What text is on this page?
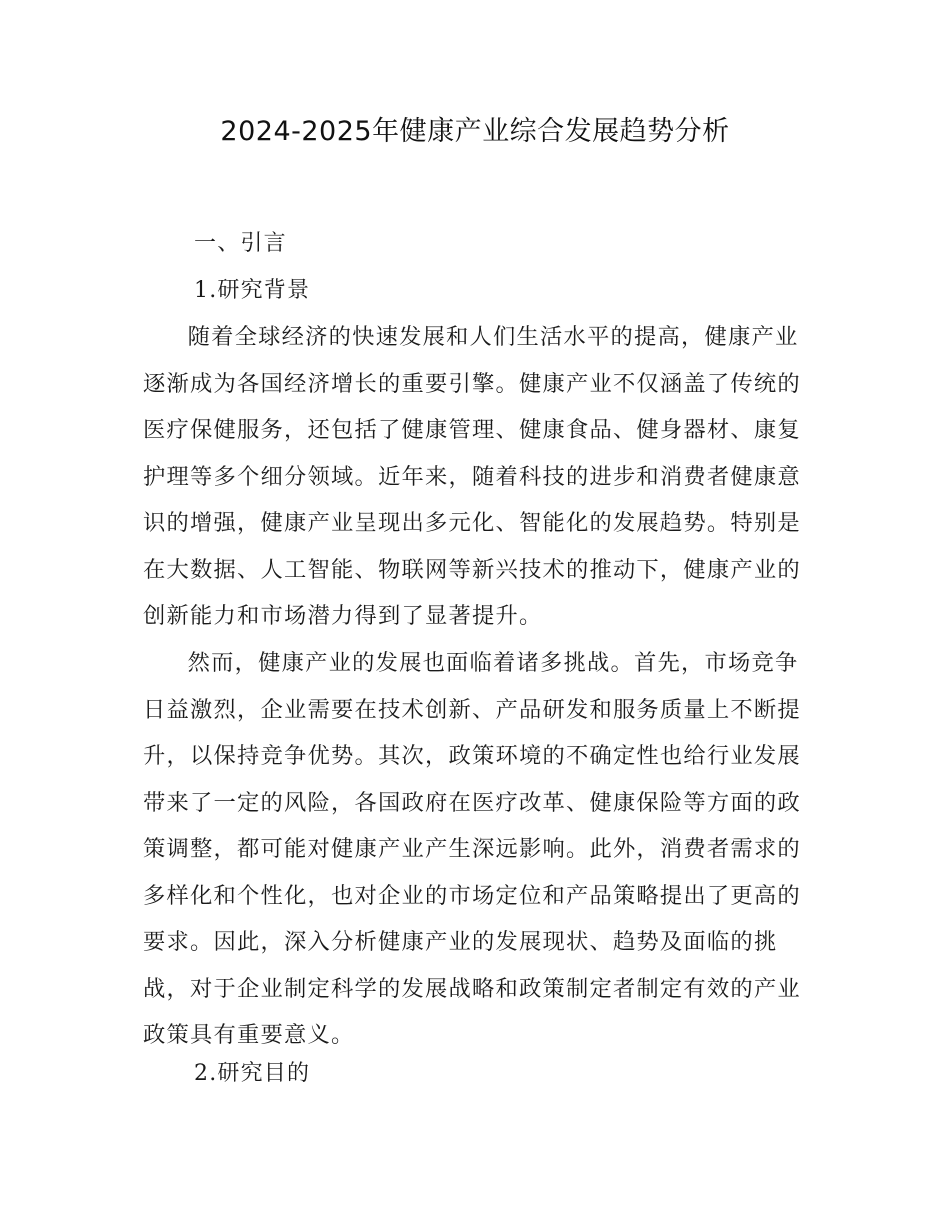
2024-2025年健康产业综合发展趋势分析
一、引言
1.研究背景

随着全球经济的快速发展和人们生活水平的提高，健康产业逐渐成为各国经济增长的重要引擎。健康产业不仅涵盖了传统的医疗保健服务，还包括了健康管理、健康食品、健身器材、康复护理等多个细分领域。近年来，随着科技的进步和消费者健康意识的增强，健康产业呈现出多元化、智能化的发展趋势。特别是在大数据、人工智能、物联网等新兴技术的推动下，健康产业的创新能力和市场潜力得到了显著提升。

然而，健康产业的发展也面临着诸多挑战。首先，市场竞争日益激烈，企业需要在技术创新、产品研发和服务质量上不断提升，以保持竞争优势。其次，政策环境的不确定性也给行业发展带来了一定的风险，各国政府在医疗改革、健康保险等方面的政策调整，都可能对健康产业产生深远影响。此外，消费者需求的多样化和个性化，也对企业的市场定位和产品策略提出了更高的要求。因此，深入分析健康产业的发展现状、趋势及面临的挑战，对于企业制定科学的发展战略和政策制定者制定有效的产业政策具有重要意义。

2.研究目的
